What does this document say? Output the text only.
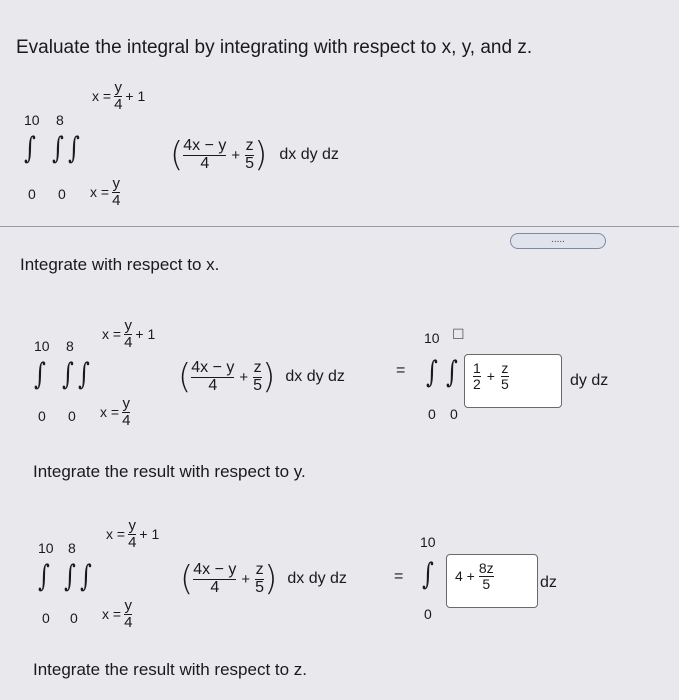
Evaluate the integral by integrating with respect to x, y, and z.
$x = \frac{y}{4} + 1$
10 8
∫ ∫ ∫
0 0 $x = \frac{y}{4}$
( $\frac{4x - y}{4} + \frac{z}{5}$ ) dx dy dz
.....
Integrate with respect to x.
$x = \frac{y}{4} + 1$
10 8
∫ ∫ ∫
0 0 $x = \frac{y}{4}$
( $\frac{4x - y}{4} + \frac{z}{5}$ ) dx dy dz	=
10 ☐
∫ ∫
0 0
$\frac{1}{2} + \frac{z}{5}$	dy dz
Integrate the result with respect to y.
$x = \frac{y}{4} + 1$
10 8
∫ ∫ ∫
0 0 $x = \frac{y}{4}$
( $\frac{4x - y}{4} + \frac{z}{5}$ ) dx dy dz	=
10
∫
0
$4 + \frac{8z}{5}$	dz
Integrate the result with respect to z.
